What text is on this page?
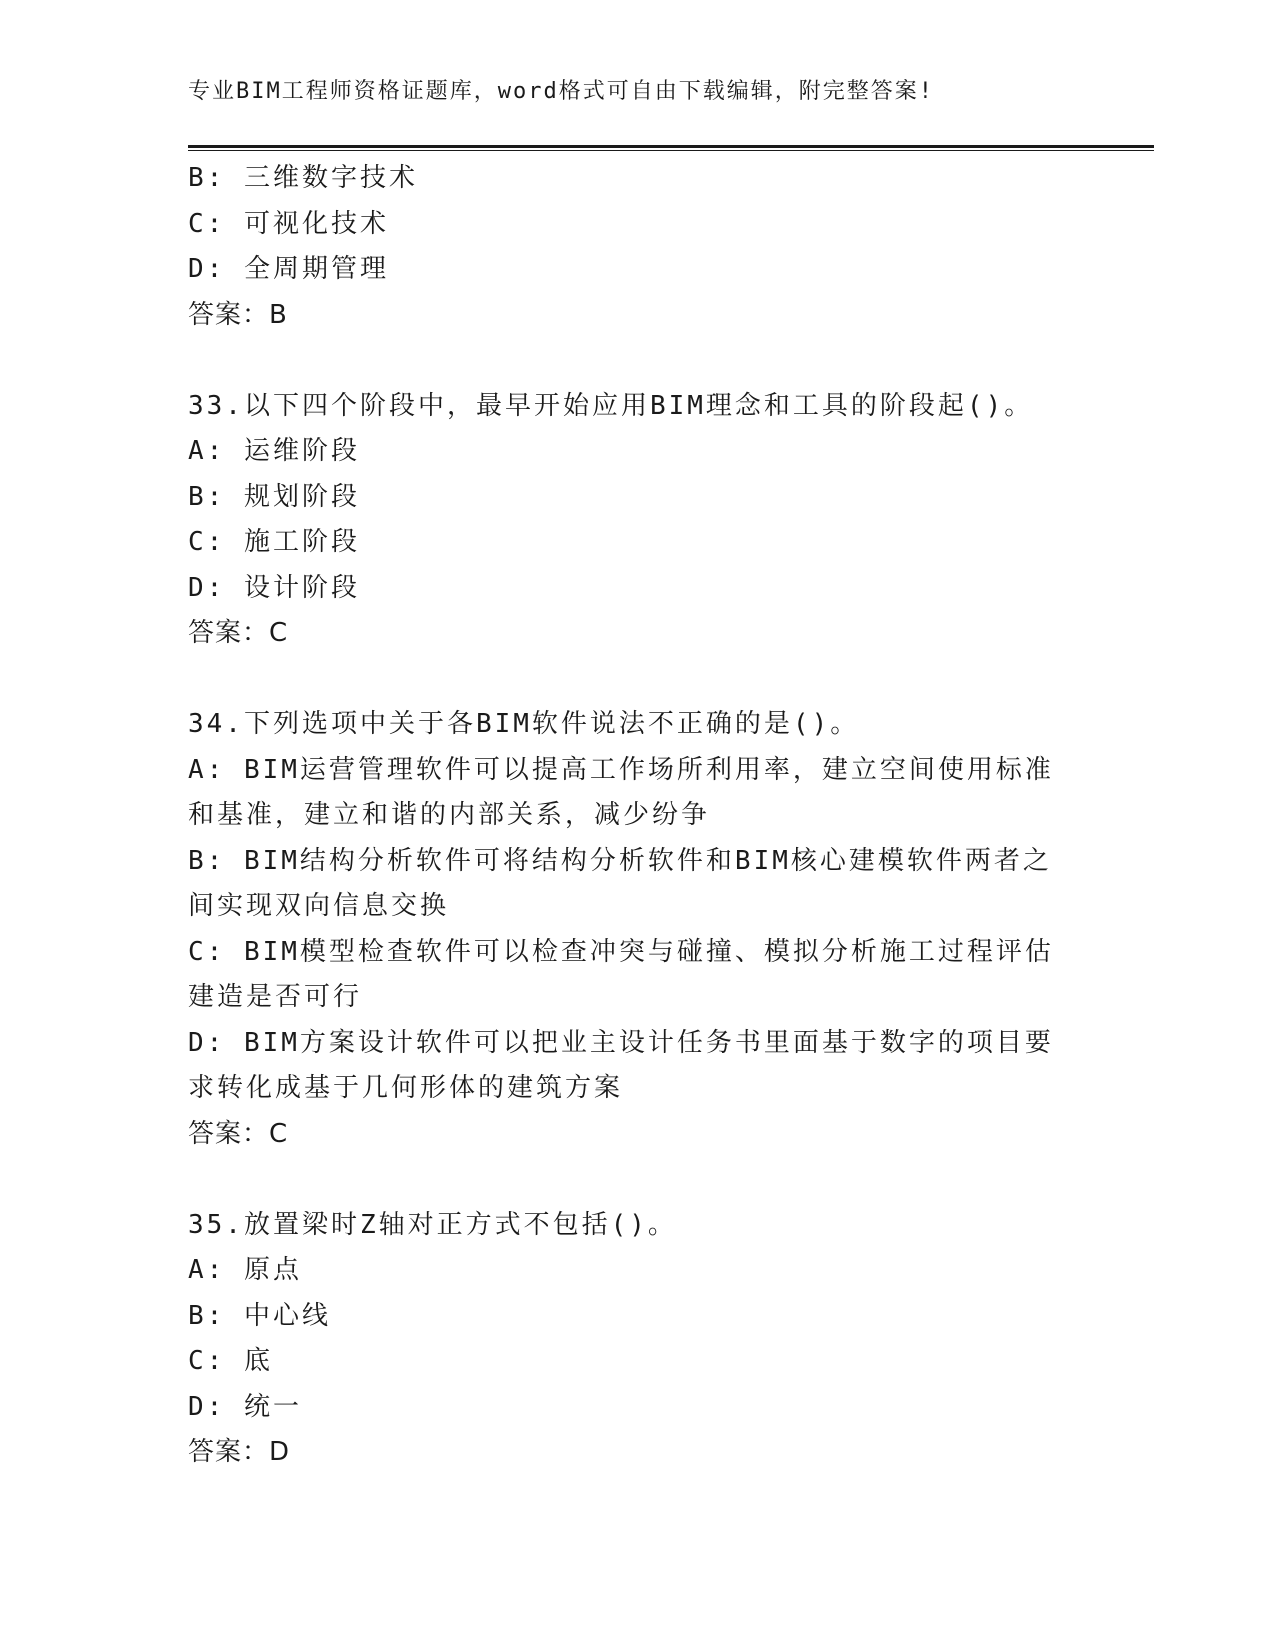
专业BIM工程师资格证题库，word格式可自由下载编辑，附完整答案!
B: 三维数字技术
C: 可视化技术
D: 全周期管理
答案：B
33.以下四个阶段中，最早开始应用BIM理念和工具的阶段起()。
A: 运维阶段
B: 规划阶段
C: 施工阶段
D: 设计阶段
答案：C
34.下列选项中关于各BIM软件说法不正确的是()。
A: BIM运营管理软件可以提高工作场所利用率，建立空间使用标准和基准，建立和谐的内部关系，减少纷争
B: BIM结构分析软件可将结构分析软件和BIM核心建模软件两者之间实现双向信息交换
C: BIM模型检查软件可以检查冲突与碰撞、模拟分析施工过程评估建造是否可行
D: BIM方案设计软件可以把业主设计任务书里面基于数字的项目要求转化成基于几何形体的建筑方案
答案：C
35.放置梁时Z轴对正方式不包括()。
A: 原点
B: 中心线
C: 底
D: 统一
答案：D
